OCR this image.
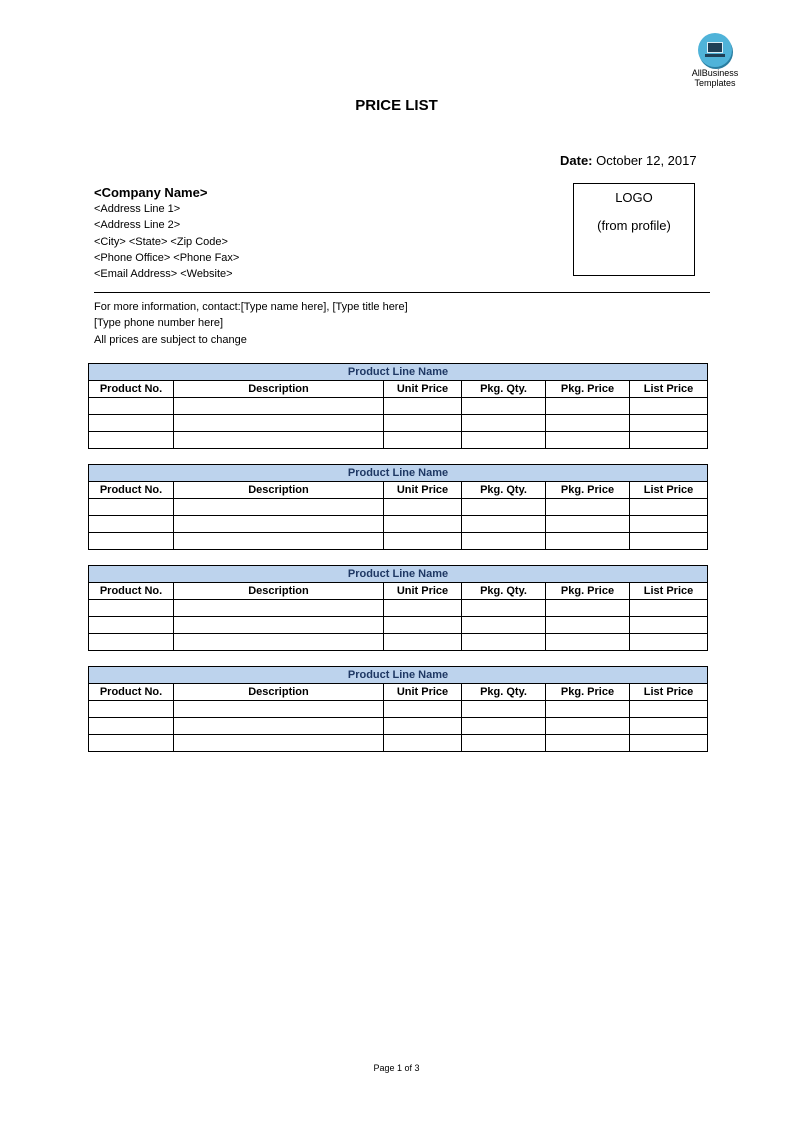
AllBusiness
Templates
PRICE LIST
Date: October 12, 2017
<Company Name>
<Address Line 1>
<Address Line 2>
<City> <State> <Zip Code>
<Phone Office> <Phone Fax>
<Email Address> <Website>
LOGO
(from profile)
For more information, contact:[Type name here], [Type title here]
[Type phone number here]
All prices are subject to change
Product Line Name					
Product No.	Description	Unit Price	Pkg. Qty.	Pkg. Price	List Price

Product Line Name					
Product No.	Description	Unit Price	Pkg. Qty.	Pkg. Price	List Price

Product Line Name					
Product No.	Description	Unit Price	Pkg. Qty.	Pkg. Price	List Price

Product Line Name					
Product No.	Description	Unit Price	Pkg. Qty.	Pkg. Price	List Price

Page 1 of 3
